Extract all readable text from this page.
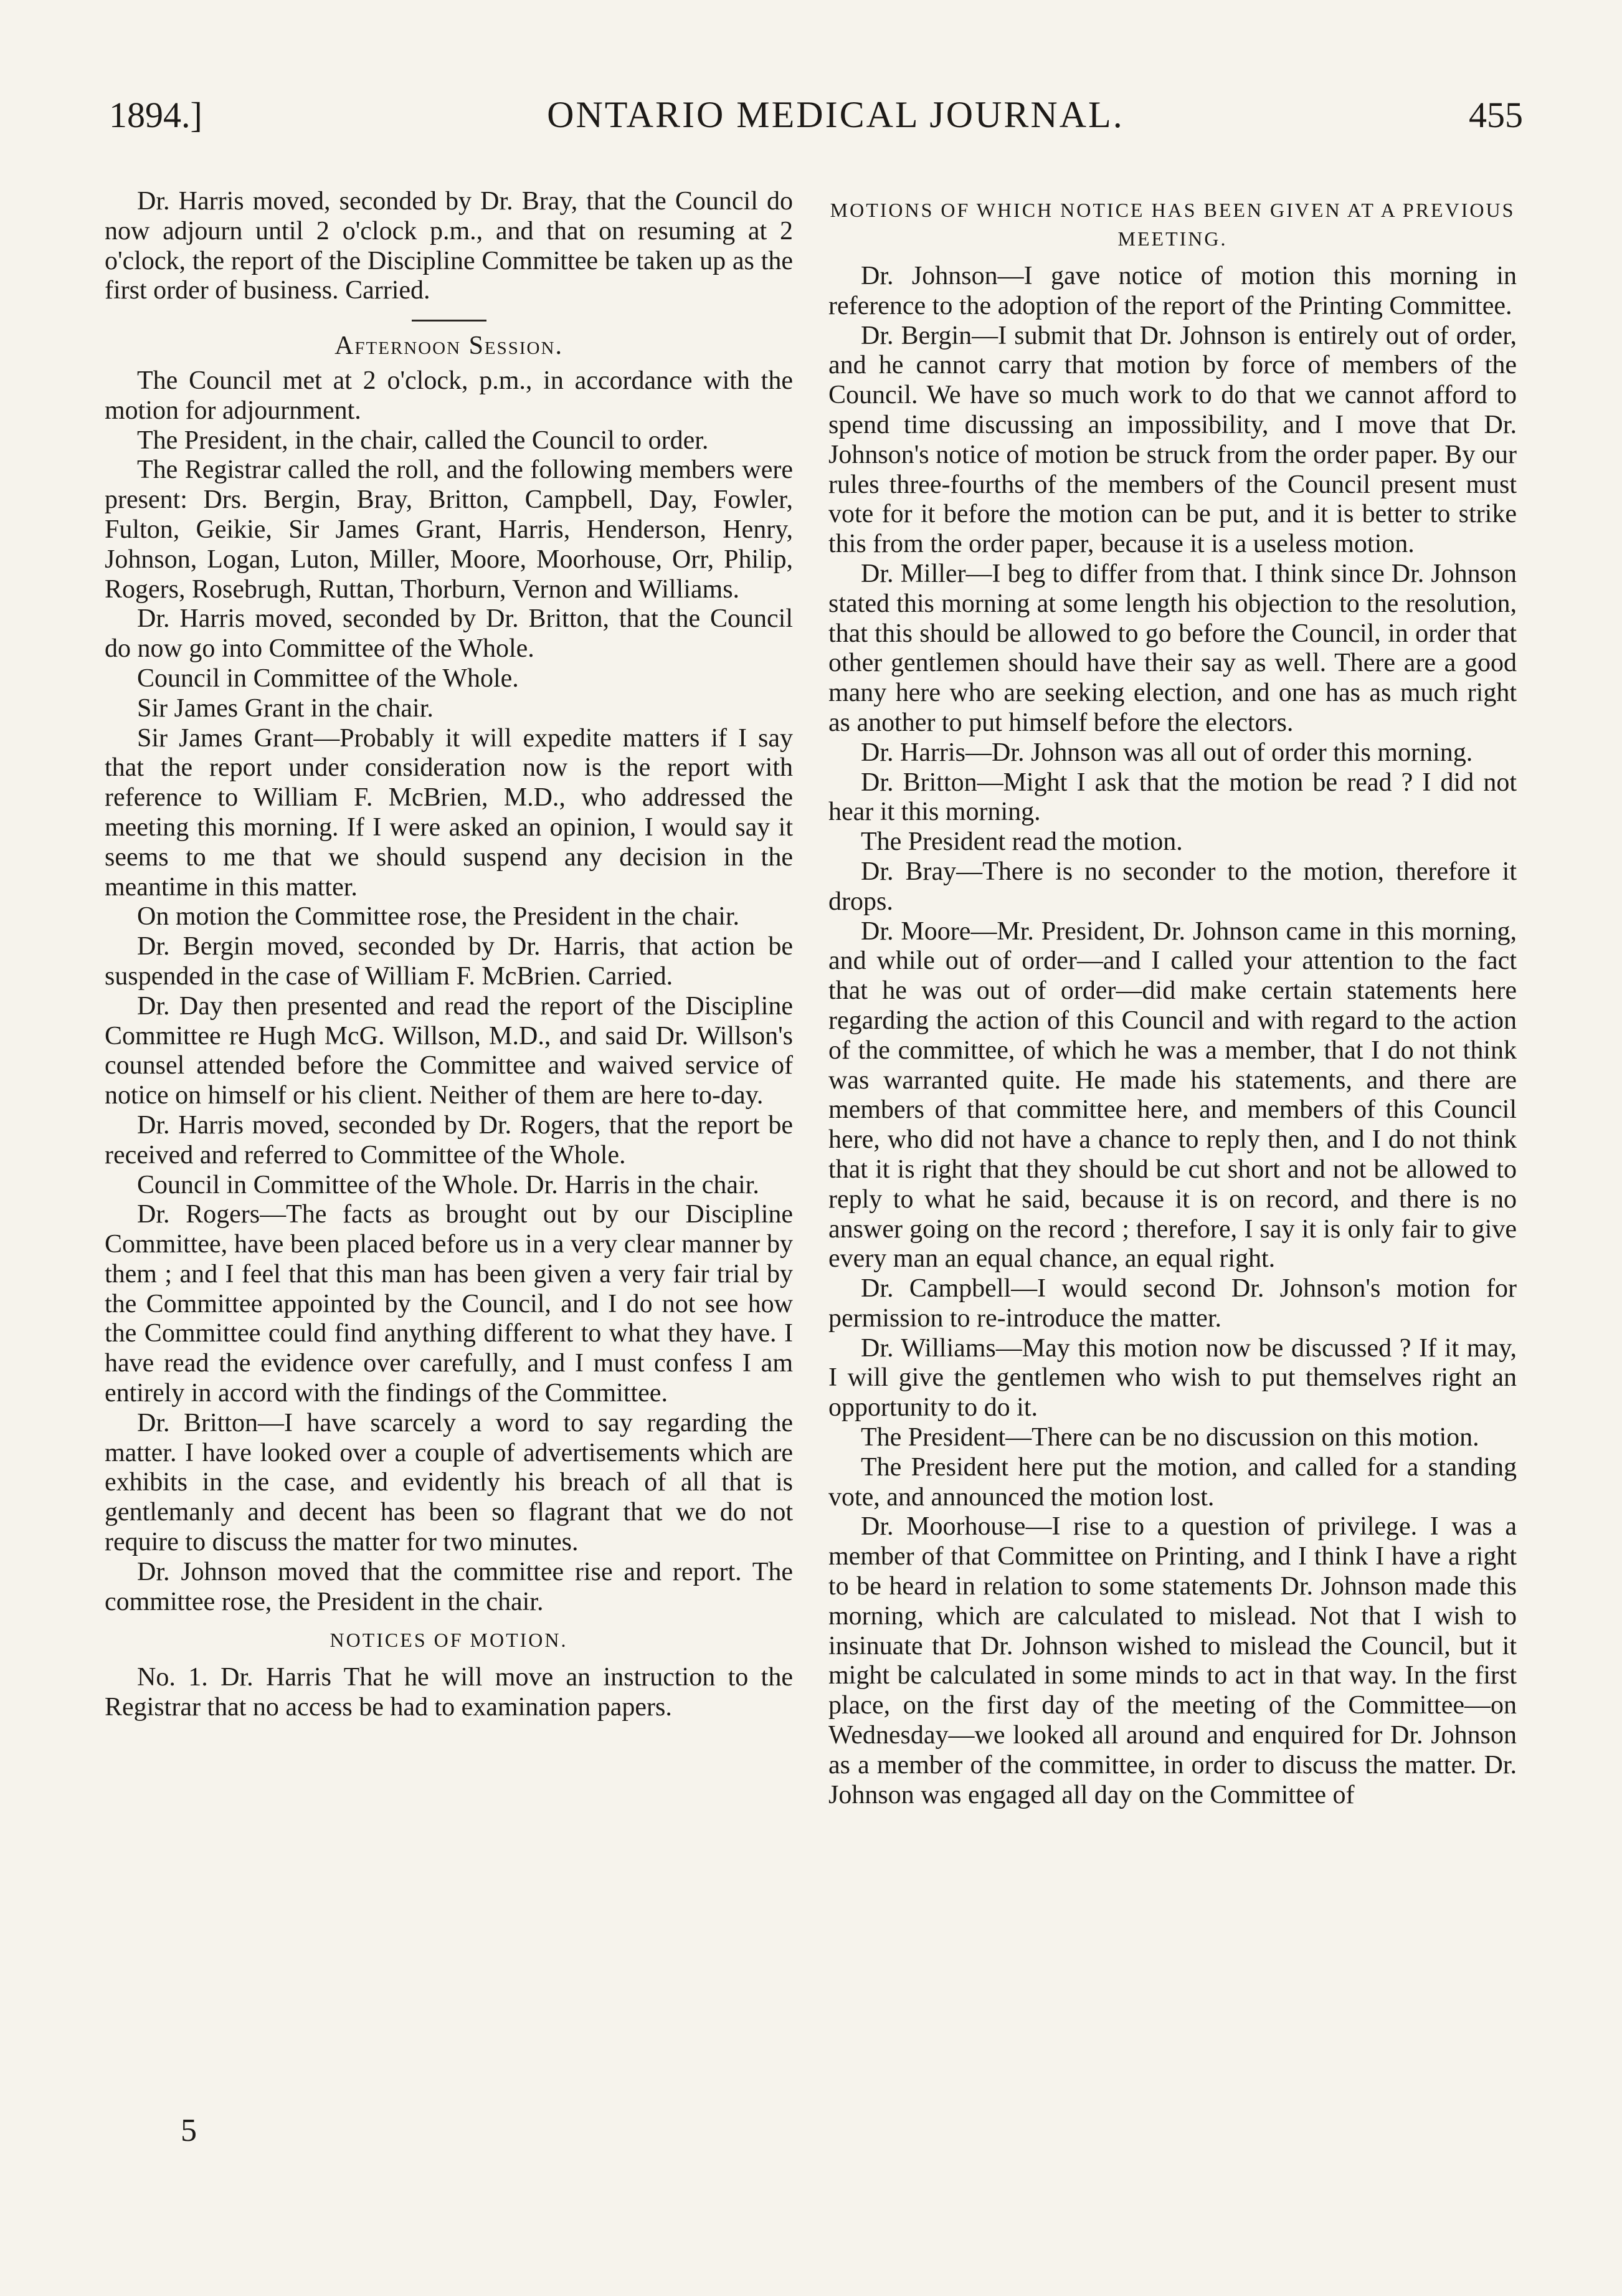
1894.]	ONTARIO MEDICAL JOURNAL.	455

Dr. Harris moved, seconded by Dr. Bray, that the Council do now adjourn until 2 o'clock p.m., and that on resuming at 2 o'clock, the report of the Discipline Committee be taken up as the first order of business. Carried.

Afternoon Session.

The Council met at 2 o'clock, p.m., in accordance with the motion for adjournment.

The President, in the chair, called the Council to order.

The Registrar called the roll, and the following members were present: Drs. Bergin, Bray, Britton, Campbell, Day, Fowler, Fulton, Geikie, Sir James Grant, Harris, Henderson, Henry, Johnson, Logan, Luton, Miller, Moore, Moorhouse, Orr, Philip, Rogers, Rosebrugh, Ruttan, Thorburn, Vernon and Williams.

Dr. Harris moved, seconded by Dr. Britton, that the Council do now go into Committee of the Whole.

Council in Committee of the Whole.

Sir James Grant in the chair.

Sir James Grant—Probably it will expedite matters if I say that the report under consideration now is the report with reference to William F. McBrien, M.D., who addressed the meeting this morning. If I were asked an opinion, I would say it seems to me that we should suspend any decision in the meantime in this matter.

On motion the Committee rose, the President in the chair.

Dr. Bergin moved, seconded by Dr. Harris, that action be suspended in the case of William F. McBrien. Carried.

Dr. Day then presented and read the report of the Discipline Committee re Hugh McG. Willson, M.D., and said Dr. Willson's counsel attended before the Committee and waived service of notice on himself or his client. Neither of them are here to-day.

Dr. Harris moved, seconded by Dr. Rogers, that the report be received and referred to Committee of the Whole.

Council in Committee of the Whole. Dr. Harris in the chair.

Dr. Rogers—The facts as brought out by our Discipline Committee, have been placed before us in a very clear manner by them ; and I feel that this man has been given a very fair trial by the Committee appointed by the Council, and I do not see how the Committee could find anything different to what they have. I have read the evidence over carefully, and I must confess I am entirely in accord with the findings of the Committee.

Dr. Britton—I have scarcely a word to say regarding the matter. I have looked over a couple of advertisements which are exhibits in the case, and evidently his breach of all that is gentlemanly and decent has been so flagrant that we do not require to discuss the matter for two minutes.

Dr. Johnson moved that the committee rise and report. The committee rose, the President in the chair.

NOTICES OF MOTION.

No. 1. Dr. Harris That he will move an instruction to the Registrar that no access be had to examination papers.

MOTIONS OF WHICH NOTICE HAS BEEN GIVEN AT A PREVIOUS MEETING.

Dr. Johnson—I gave notice of motion this morning in reference to the adoption of the report of the Printing Committee.

Dr. Bergin—I submit that Dr. Johnson is entirely out of order, and he cannot carry that motion by force of members of the Council. We have so much work to do that we cannot afford to spend time discussing an impossibility, and I move that Dr. Johnson's notice of motion be struck from the order paper. By our rules three-fourths of the members of the Council present must vote for it before the motion can be put, and it is better to strike this from the order paper, because it is a useless motion.

Dr. Miller—I beg to differ from that. I think since Dr. Johnson stated this morning at some length his objection to the resolution, that this should be allowed to go before the Council, in order that other gentlemen should have their say as well. There are a good many here who are seeking election, and one has as much right as another to put himself before the electors.

Dr. Harris—Dr. Johnson was all out of order this morning.

Dr. Britton—Might I ask that the motion be read ? I did not hear it this morning.

The President read the motion.

Dr. Bray—There is no seconder to the motion, therefore it drops.

Dr. Moore—Mr. President, Dr. Johnson came in this morning, and while out of order—and I called your attention to the fact that he was out of order—did make certain statements here regarding the action of this Council and with regard to the action of the committee, of which he was a member, that I do not think was warranted quite. He made his statements, and there are members of that committee here, and members of this Council here, who did not have a chance to reply then, and I do not think that it is right that they should be cut short and not be allowed to reply to what he said, because it is on record, and there is no answer going on the record ; therefore, I say it is only fair to give every man an equal chance, an equal right.

Dr. Campbell—I would second Dr. Johnson's motion for permission to re-introduce the matter.

Dr. Williams—May this motion now be discussed ? If it may, I will give the gentlemen who wish to put themselves right an opportunity to do it.

The President—There can be no discussion on this motion.

The President here put the motion, and called for a standing vote, and announced the motion lost.

Dr. Moorhouse—I rise to a question of privilege. I was a member of that Committee on Printing, and I think I have a right to be heard in relation to some statements Dr. Johnson made this morning, which are calculated to mislead. Not that I wish to insinuate that Dr. Johnson wished to mislead the Council, but it might be calculated in some minds to act in that way. In the first place, on the first day of the meeting of the Committee—on Wednesday—we looked all around and enquired for Dr. Johnson as a member of the committee, in order to discuss the matter. Dr. Johnson was engaged all day on the Committee of

5
